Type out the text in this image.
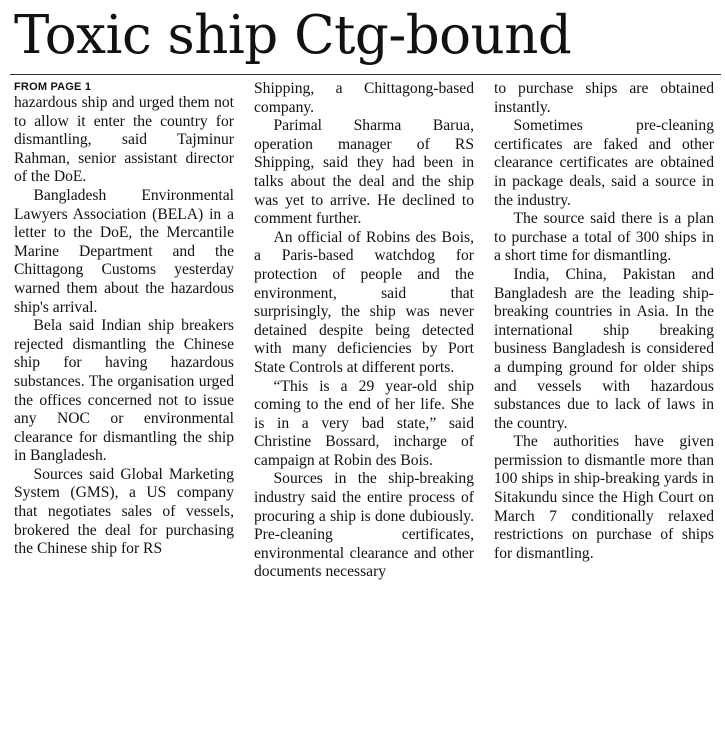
Toxic ship Ctg-bound
FROM PAGE 1

hazardous ship and urged them not to allow it enter the country for dismantling, said Tajminur Rahman, senior assistant director of the DoE.

Bangladesh Environmental Lawyers Association (BELA) in a letter to the DoE, the Mercantile Marine Department and the Chittagong Customs yesterday warned them about the hazardous ship's arrival.

Bela said Indian ship breakers rejected dismantling the Chinese ship for having hazardous substances. The organisation urged the offices concerned not to issue any NOC or environmental clearance for dismantling the ship in Bangladesh.

Sources said Global Marketing System (GMS), a US company that negotiates sales of vessels, brokered the deal for purchasing the Chinese ship for RS

Shipping, a Chittagong-based company.

Parimal Sharma Barua, operation manager of RS Shipping, said they had been in talks about the deal and the ship was yet to arrive. He declined to comment further.

An official of Robins des Bois, a Paris-based watchdog for protection of people and the environment, said that surprisingly, the ship was never detained despite being detected with many deficiencies by Port State Controls at different ports.

“This is a 29 year-old ship coming to the end of her life. She is in a very bad state,” said Christine Bossard, incharge of campaign at Robin des Bois.

Sources in the ship-breaking industry said the entire process of procuring a ship is done dubiously. Pre-cleaning certificates, environmental clearance and other documents necessary

to purchase ships are obtained instantly.

Sometimes pre-cleaning certificates are faked and other clearance certificates are obtained in package deals, said a source in the industry.

The source said there is a plan to purchase a total of 300 ships in a short time for dismantling.

India, China, Pakistan and Bangladesh are the leading ship-breaking countries in Asia. In the international ship breaking business Bangladesh is considered a dumping ground for older ships and vessels with hazardous substances due to lack of laws in the country.

The authorities have given permission to dismantle more than 100 ships in ship-breaking yards in Sitakundu since the High Court on March 7 conditionally relaxed restrictions on purchase of ships for dismantling.
